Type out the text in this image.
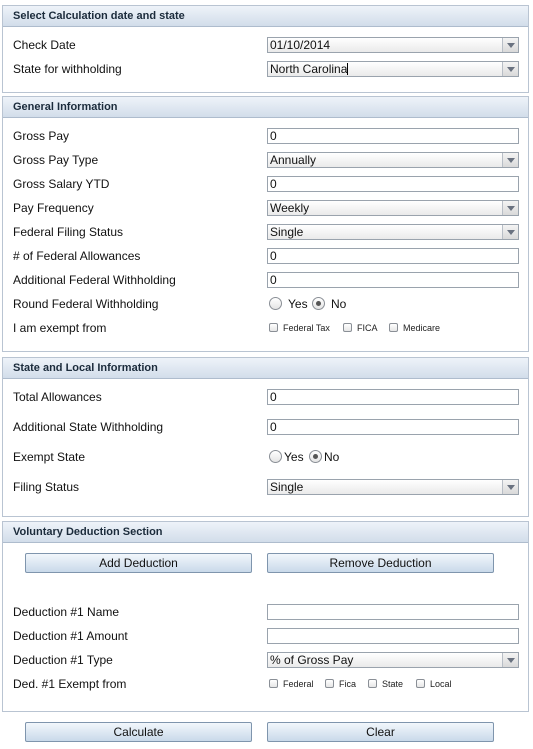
Select Calculation date and state
Check Date	01/10/2014
State for withholding	North Carolina
General Information
Gross Pay	0
Gross Pay Type	Annually
Gross Salary YTD	0
Pay Frequency	Weekly
Federal Filing Status	Single
# of Federal Allowances	0
Additional Federal Withholding	0
Round Federal Withholding	Yes No
I am exempt from	Federal Tax	FICA	Medicare
State and Local Information
Total Allowances	0
Additional State Withholding	0
Exempt State	Yes No
Filing Status	Single
Voluntary Deduction Section
Add Deduction	Remove Deduction
Deduction #1 Name
Deduction #1 Amount
Deduction #1 Type	% of Gross Pay
Ded. #1 Exempt from	Federal	Fica	State	Local
Calculate	Clear
